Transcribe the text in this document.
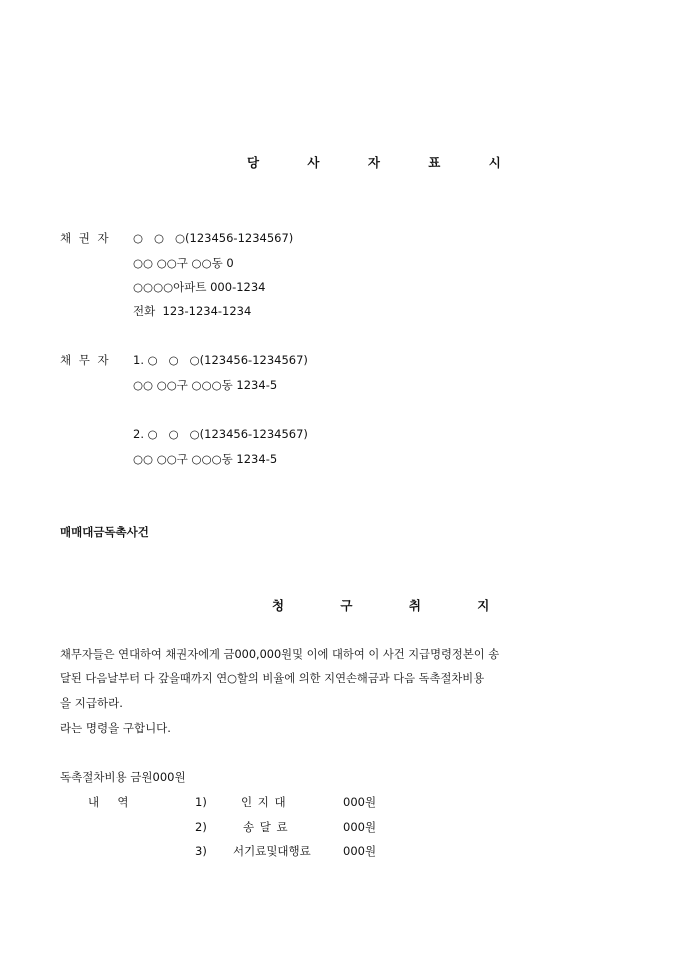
당 사 자 표 시
채 권 자 ○   ○   ○(123456-1234567)
○○ ○○구 ○○동 0
○○○○아파트 000-1234
전화  123-1234-1234
채 무 자 1. ○   ○   ○(123456-1234567)
○○ ○○구 ○○○동 1234-5
2. ○   ○   ○(123456-1234567)
○○ ○○구 ○○○동 1234-5
매매대금독촉사건
청 구 취 지
채무자들은 연대하여 채권자에게 금000,000원및 이에 대하여 이 사건 지급명령정본이 송
달된 다음날부터 다 갚을때까지 연○할의 비율에 의한 지연손해금과 다음 독촉절차비용
을 지급하라.
라는 명령을 구합니다.
독촉절차비용 금원000원
내     역	1)	인 지 대	000원
2)	송 달 료	000원
3) 서기료및대행료	000원
